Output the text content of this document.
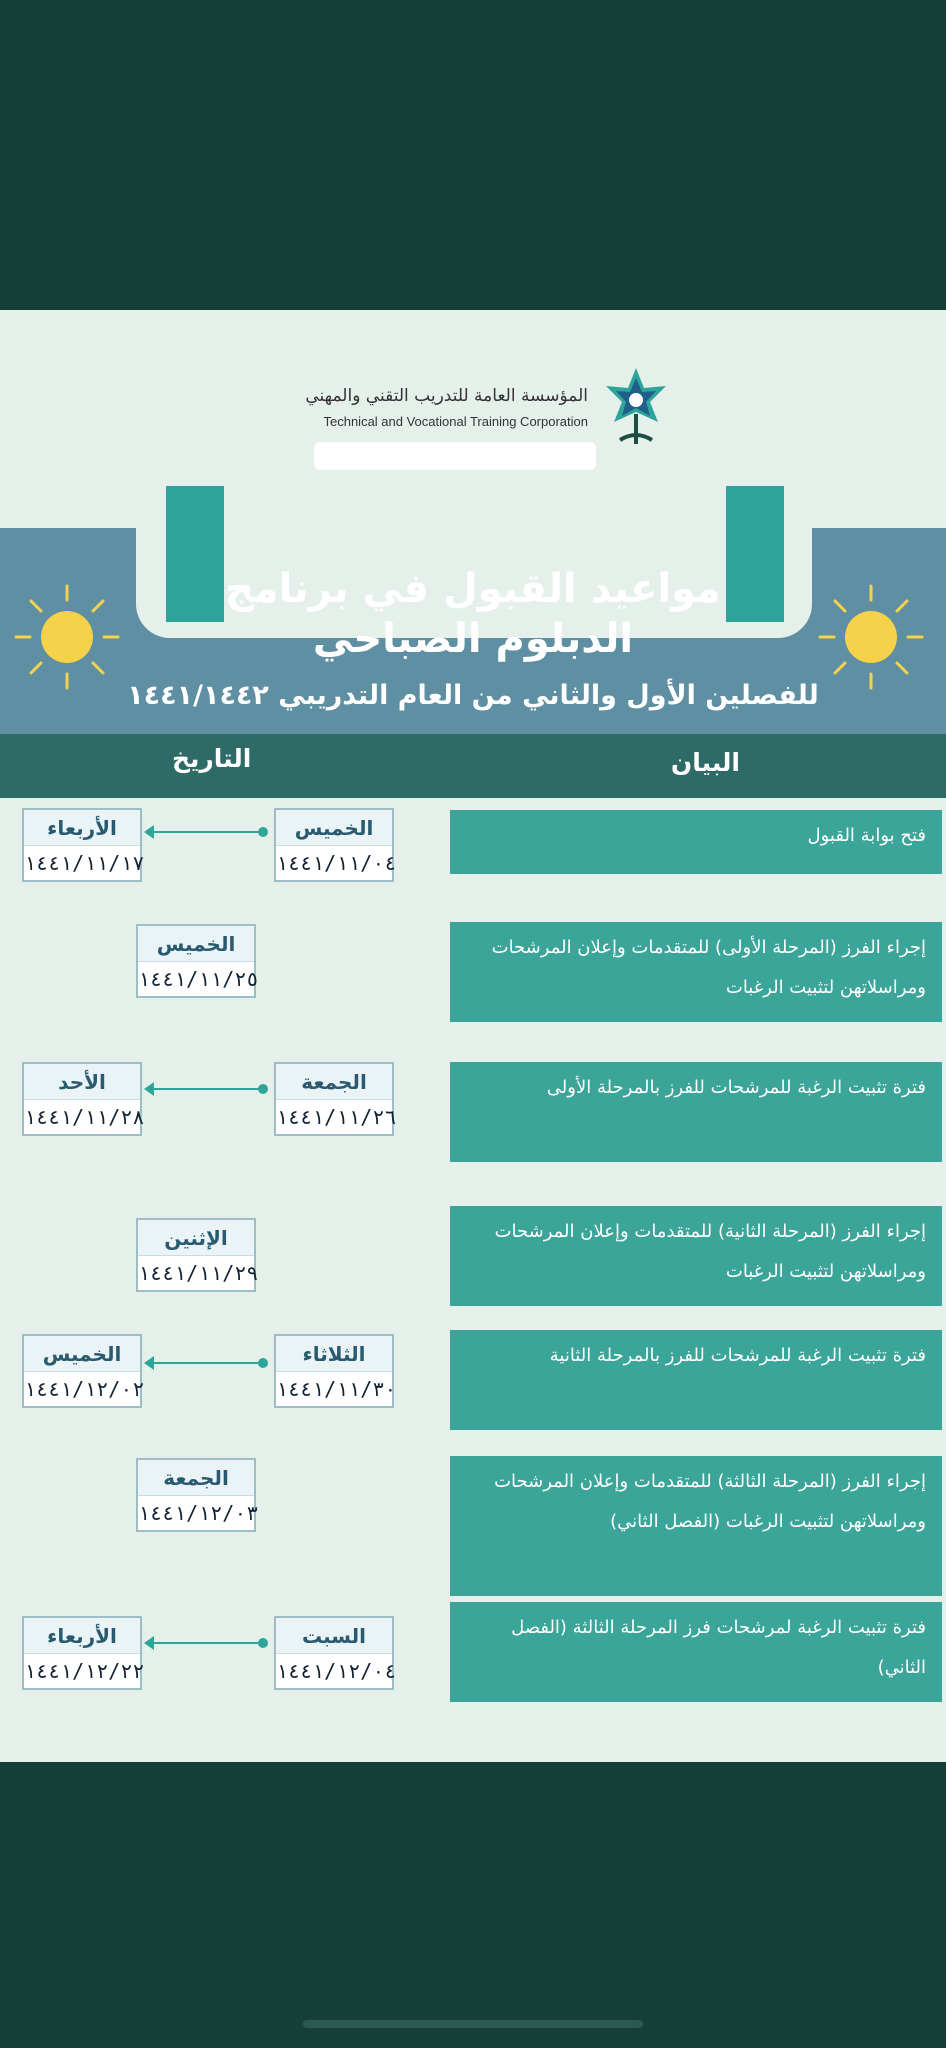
المؤسسة العامة للتدريب التقني والمهني
Technical and Vocational Training Corporation
مواعيد القبول في برنامج
الدبلوم الصباحي
للفصلين الأول والثاني من العام التدريبي ١٤٤١/١٤٤٢
البيان
التاريخ
فتح بوابة القبول
الخميس
١٤٤١/١١/٠٤
الأربعاء
١٤٤١/١١/١٧
إجراء الفرز (المرحلة الأولى) للمتقدمات وإعلان المرشحات ومراسلاتهن لتثبيت الرغبات
الخميس
١٤٤١/١١/٢٥
فترة تثبيت الرغبة للمرشحات للفرز بالمرحلة الأولى
الجمعة
١٤٤١/١١/٢٦
الأحد
١٤٤١/١١/٢٨
إجراء الفرز (المرحلة الثانية) للمتقدمات وإعلان المرشحات ومراسلاتهن لتثبيت الرغبات
الإثنين
١٤٤١/١١/٢٩
فترة تثبيت الرغبة للمرشحات للفرز بالمرحلة الثانية
الثلاثاء
١٤٤١/١١/٣٠
الخميس
١٤٤١/١٢/٠٢
إجراء الفرز (المرحلة الثالثة) للمتقدمات وإعلان المرشحات ومراسلاتهن لتثبيت الرغبات (الفصل الثاني)
الجمعة
١٤٤١/١٢/٠٣
فترة تثبيت الرغبة لمرشحات فرز المرحلة الثالثة (الفصل الثاني)
السبت
١٤٤١/١٢/٠٤
الأربعاء
١٤٤١/١٢/٢٢
